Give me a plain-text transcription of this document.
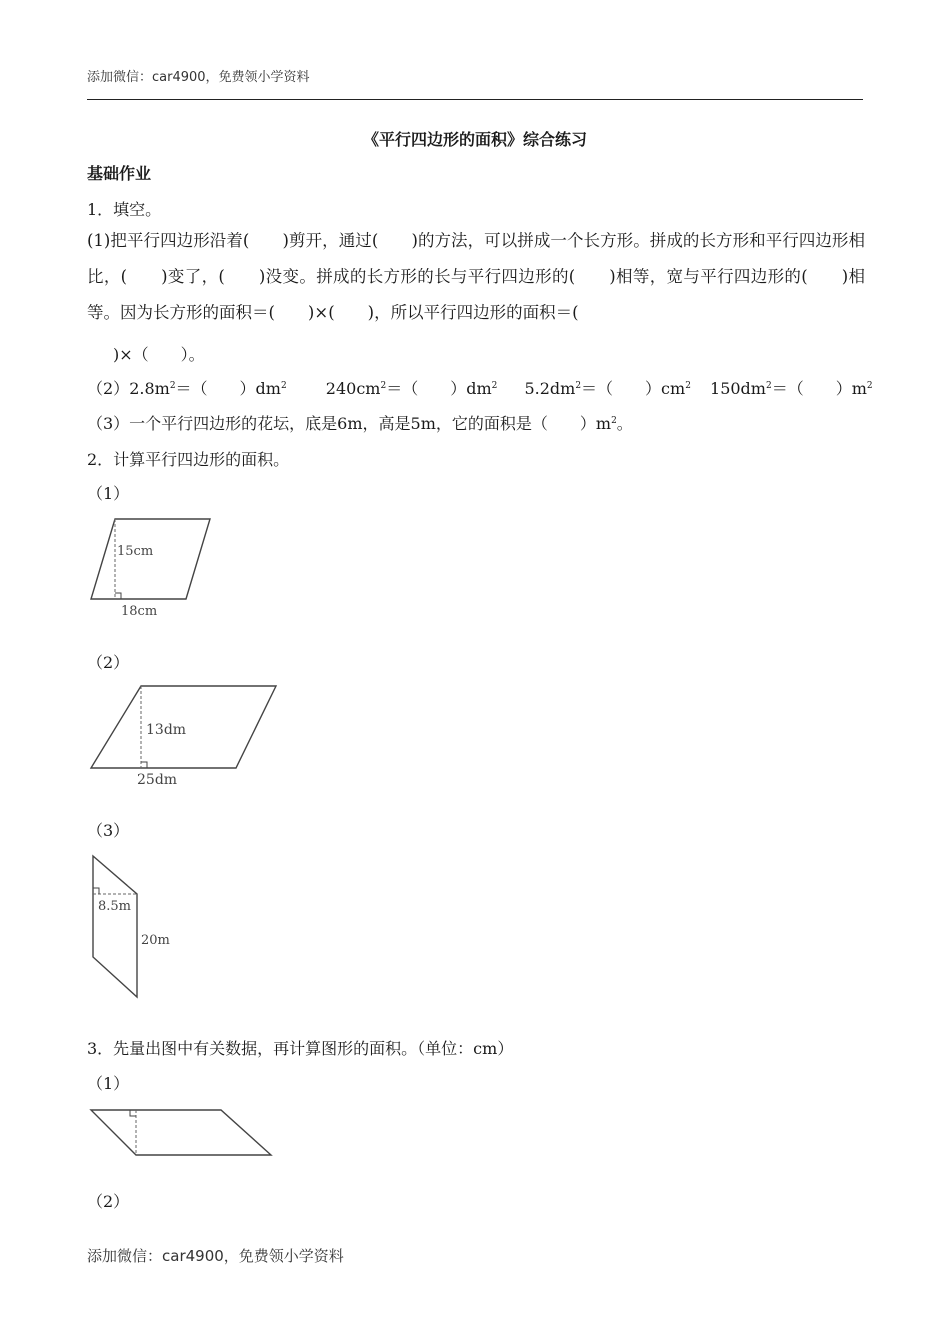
添加微信：car4900，免费领小学资料
《平行四边形的面积》综合练习
基础作业
1．填空。
(1)把平行四边形沿着(　　)剪开，通过(　　)的方法，可以拼成一个长方形。拼成的长方形和平行四边形相比，(　　)变了，(　　)没变。拼成的长方形的长与平行四边形的(　　)相等，宽与平行四边形的(　　)相等。因为长方形的面积＝(　　)×(　　)，所以平行四边形的面积＝(
　)×（　　）。
$(2)2.8m^2=$（　　）$dm^2$ $240cm^2=$（　　）$dm^2$ $5.2dm^2=$（　　）$cm^2$ $150dm^2=$（　　）$m^2$
（3）一个平行四边形的花坛，底是6m，高是5m，它的面积是（　　）$m^2$。
2．计算平行四边形的面积。
（1）
15cm
18cm
（2）
13dm
25dm
（3）
8.5m
20m
3．先量出图中有关数据，再计算图形的面积。（单位：cm）
（1）
（2）
添加微信：car4900，免费领小学资料
